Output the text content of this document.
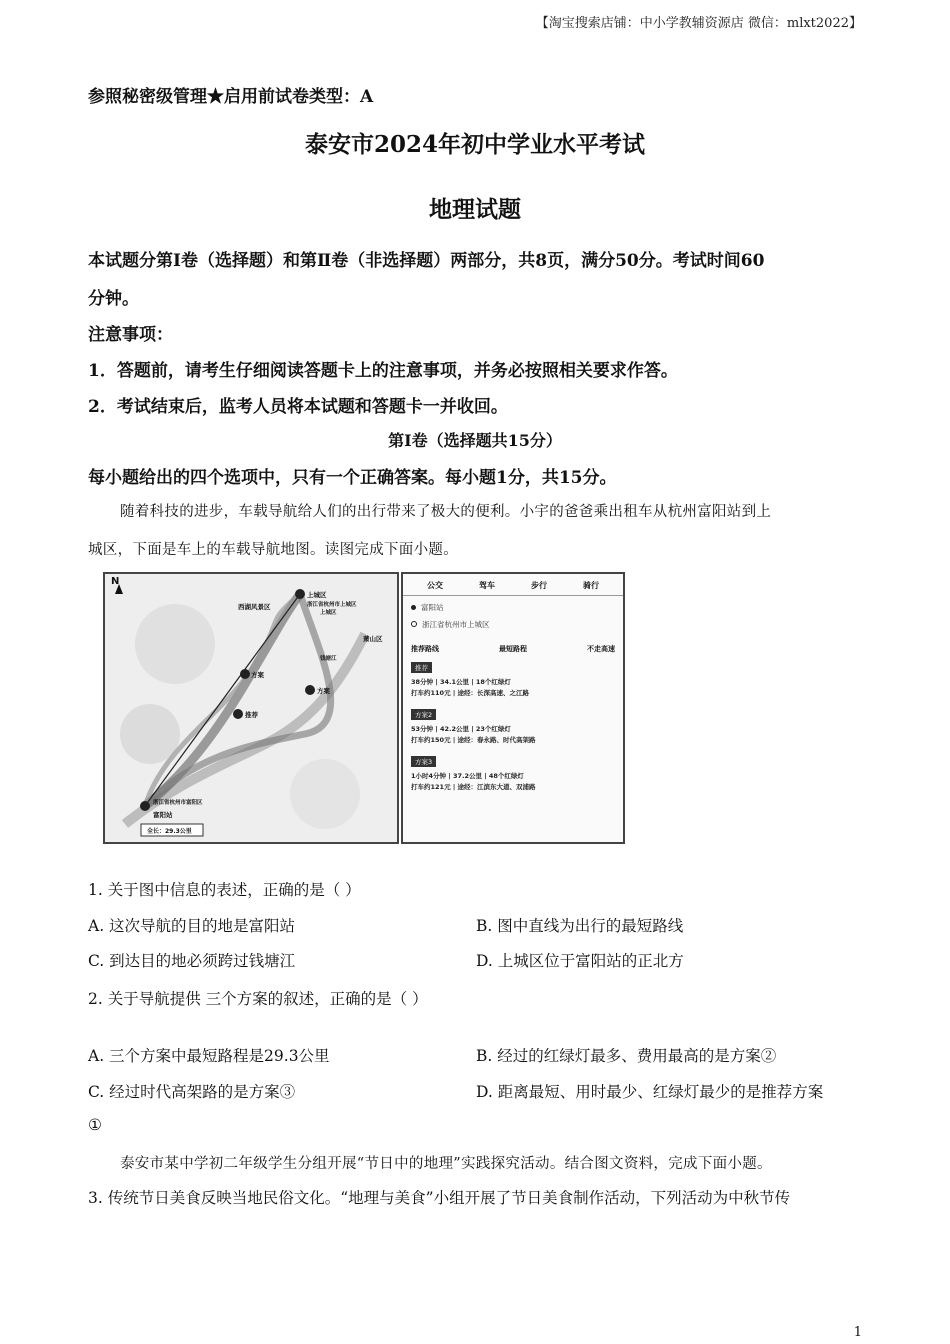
【淘宝搜索店铺：中小学教辅资源店 微信：mlxt2022】
参照秘密级管理★启用前试卷类型：A
泰安市2024年初中学业水平考试
地理试题
本试题分第Ⅰ卷（选择题）和第Ⅱ卷（非选择题）两部分，共8页，满分50分。考试时间60
分钟。
注意事项：
1．答题前，请考生仔细阅读答题卡上的注意事项，并务必按照相关要求作答。
2．考试结束后，监考人员将本试题和答题卡一并收回。
第Ⅰ卷（选择题共15分）
每小题给出的四个选项中，只有一个正确答案。每小题1分，共15分。
随着科技的进步，车载导航给人们的出行带来了极大的便利。小宇的爸爸乘出租车从杭州富阳站到上
城区，下面是车上的车载导航地图。读图完成下面小题。
N
上城区
浙江省杭州市上城区
上城区
西湖风景区
萧山区
钱塘江
方案
方案
推荐
浙江省杭州市富阳区
富阳站
全长：29.3公里
公交	驾车	步行	骑行
富阳站
浙江省杭州市上城区
推荐路线	最短路程	不走高速
推荐
38分钟 | 34.1公里 | 18个红绿灯
打车约110元 | 途经：长深高速、之江路
方案2
53分钟 | 42.2公里 | 23个红绿灯
打车约150元 | 途经：春永路、时代高架路
方案3
1小时4分钟 | 37.2公里 | 48个红绿灯
打车约121元 | 途经：江滨东大道、双浦路
1. 关于图中信息的表述，正确的是（ ）
A. 这次导航的目的地是富阳站	B. 图中直线为出行的最短路线
C. 到达目的地必须跨过钱塘江	D. 上城区位于富阳站的正北方
2. 关于导航提供 三个方案的叙述，正确的是（ ）
A. 三个方案中最短路程是29.3公里	B. 经过的红绿灯最多、费用最高的是方案②
C. 经过时代高架路的是方案③	D. 距离最短、用时最少、红绿灯最少的是推荐方案
①
泰安市某中学初二年级学生分组开展“节日中的地理”实践探究活动。结合图文资料，完成下面小题。
3. 传统节日美食反映当地民俗文化。“地理与美食”小组开展了节日美食制作活动，下列活动为中秋节传
1
